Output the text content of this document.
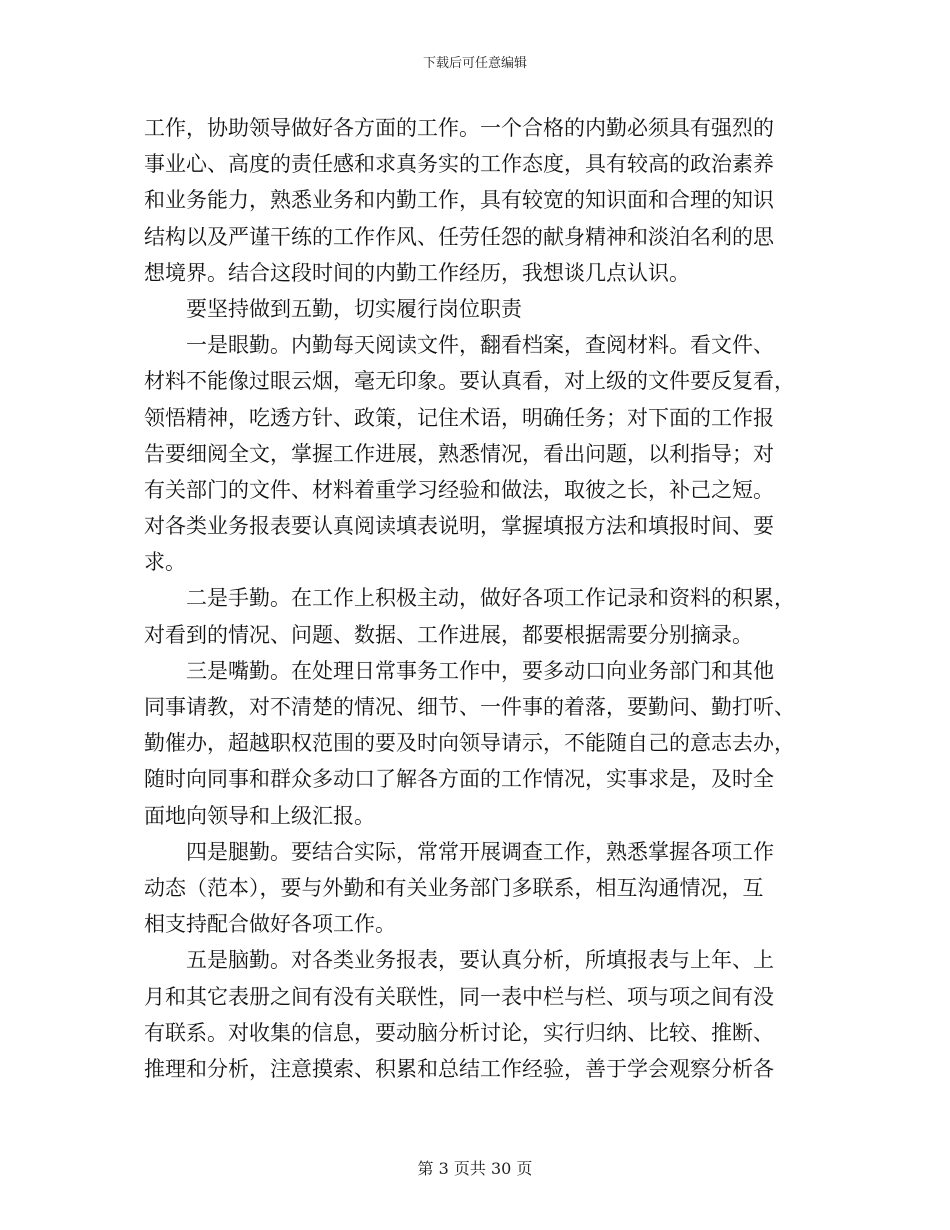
下载后可任意编辑
工作，协助领导做好各方面的工作。一个合格的内勤必须具有强烈的
事业心、高度的责任感和求真务实的工作态度，具有较高的政治素养
和业务能力，熟悉业务和内勤工作，具有较宽的知识面和合理的知识
结构以及严谨干练的工作作风、任劳任怨的献身精神和淡泊名利的思
想境界。结合这段时间的内勤工作经历，我想谈几点认识。
要坚持做到五勤，切实履行岗位职责
一是眼勤。内勤每天阅读文件，翻看档案，查阅材料。看文件、
材料不能像过眼云烟，毫无印象。要认真看，对上级的文件要反复看，
领悟精神，吃透方针、政策，记住术语，明确任务；对下面的工作报
告要细阅全文，掌握工作进展，熟悉情况，看出问题，以利指导；对
有关部门的文件、材料着重学习经验和做法，取彼之长，补己之短。
对各类业务报表要认真阅读填表说明，掌握填报方法和填报时间、要
求。
二是手勤。在工作上积极主动，做好各项工作记录和资料的积累，
对看到的情况、问题、数据、工作进展，都要根据需要分别摘录。
三是嘴勤。在处理日常事务工作中，要多动口向业务部门和其他
同事请教，对不清楚的情况、细节、一件事的着落，要勤问、勤打听、
勤催办，超越职权范围的要及时向领导请示，不能随自己的意志去办，
随时向同事和群众多动口了解各方面的工作情况，实事求是，及时全
面地向领导和上级汇报。
四是腿勤。要结合实际，常常开展调查工作，熟悉掌握各项工作
动态（范本），要与外勤和有关业务部门多联系，相互沟通情况，互
相支持配合做好各项工作。
五是脑勤。对各类业务报表，要认真分析，所填报表与上年、上
月和其它表册之间有没有关联性，同一表中栏与栏、项与项之间有没
有联系。对收集的信息，要动脑分析讨论，实行归纳、比较、推断、
推理和分析，注意摸索、积累和总结工作经验，善于学会观察分析各
第 3 页共 30 页
